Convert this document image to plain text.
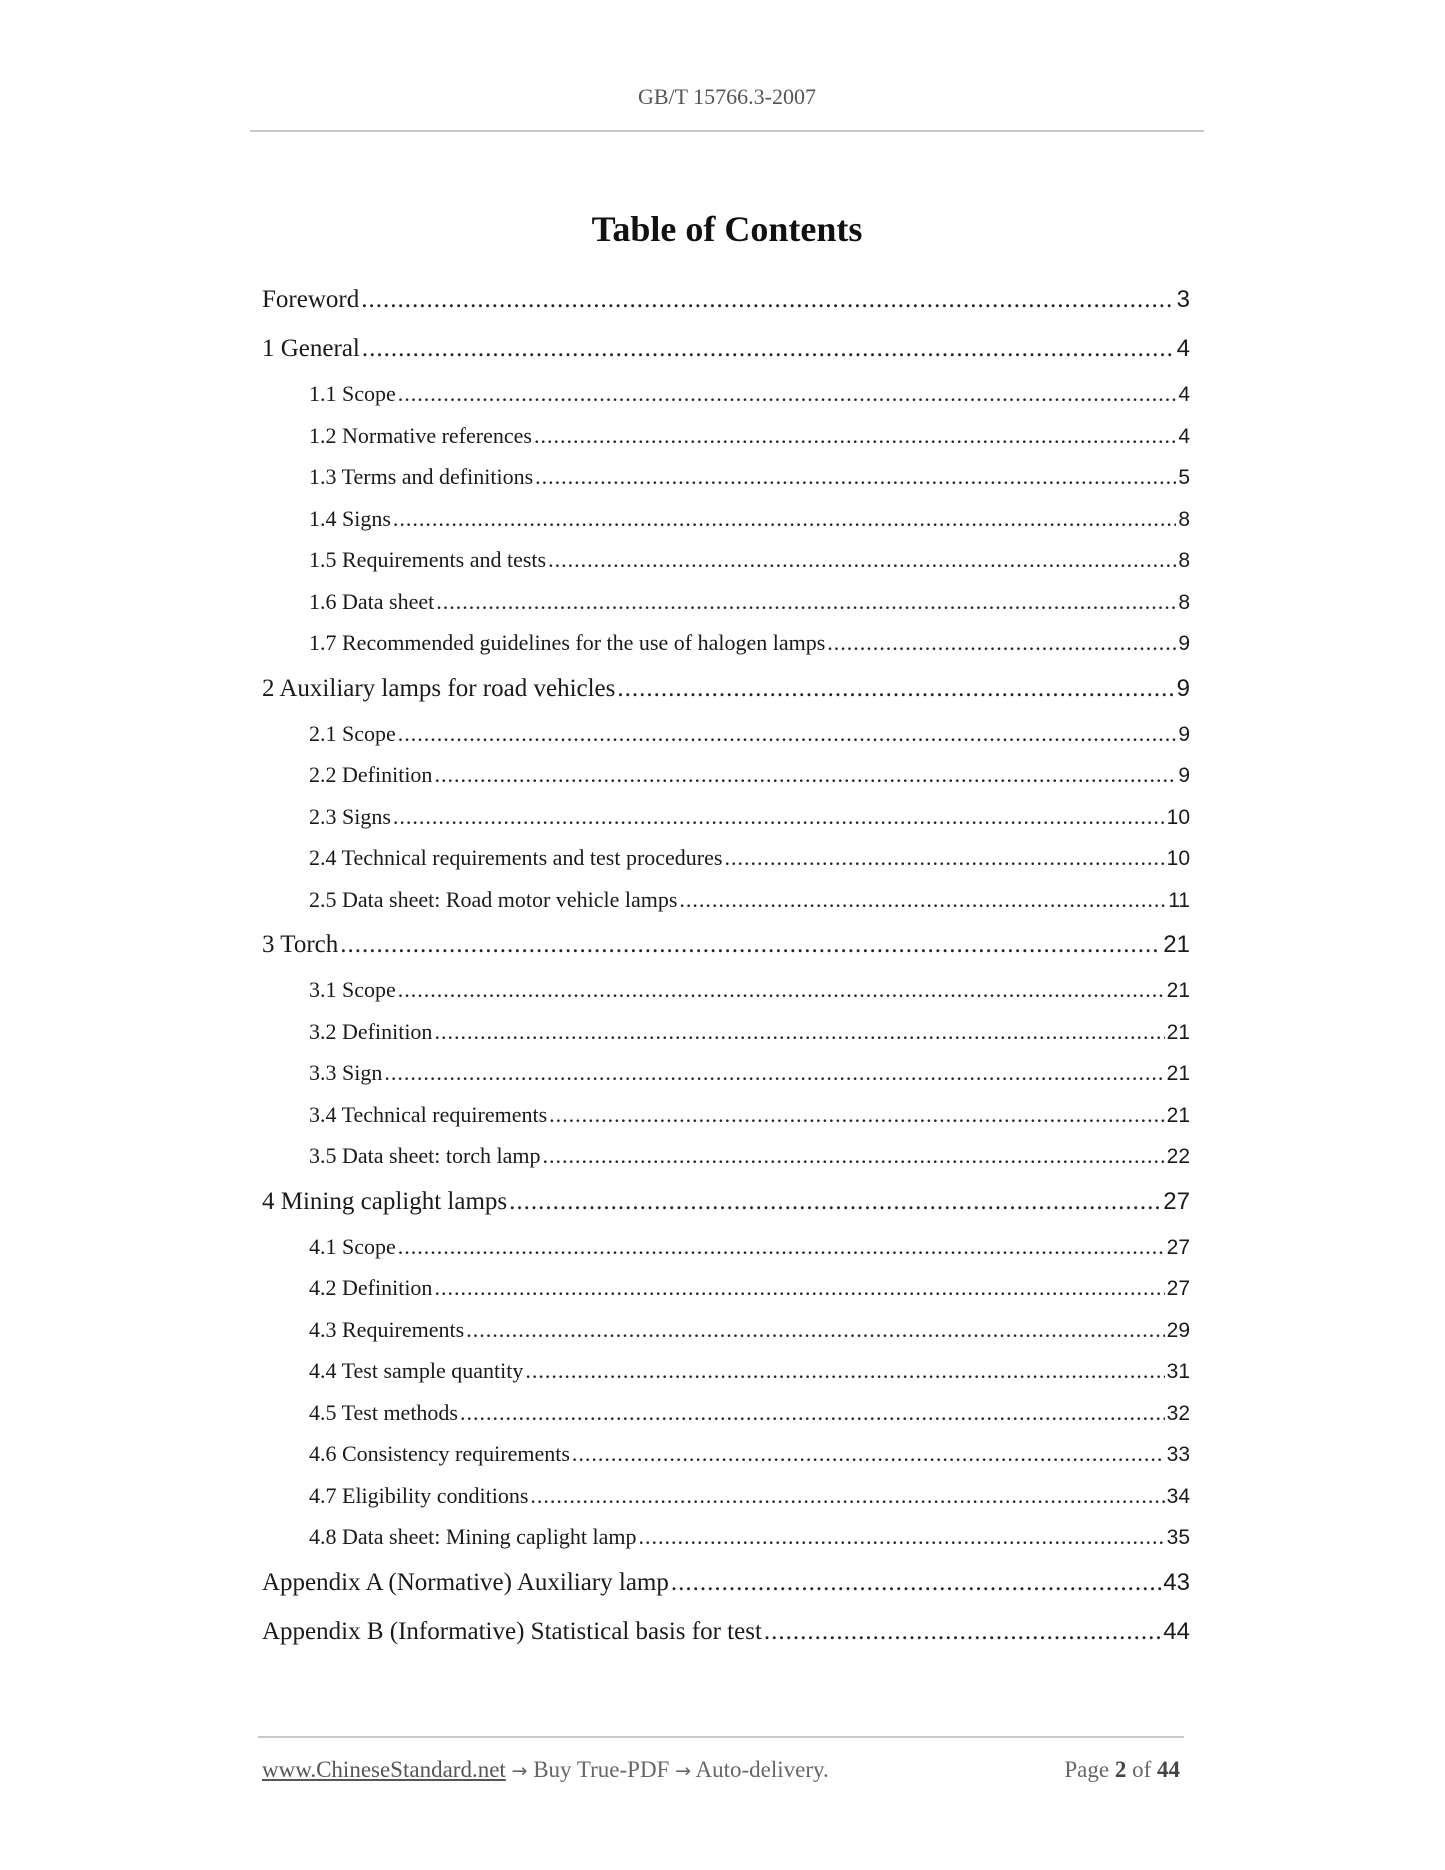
GB/T 15766.3-2007
Table of Contents
Foreword .....	3
1 General .....	4
1.1 Scope .....	4
1.2 Normative references .....	4
1.3 Terms and definitions .....	5
1.4 Signs .....	8
1.5 Requirements and tests .....	8
1.6 Data sheet .....	8
1.7 Recommended guidelines for the use of halogen lamps .....	9
2 Auxiliary lamps for road vehicles .....	9
2.1 Scope .....	9
2.2 Definition .....	9
2.3 Signs .....	10
2.4 Technical requirements and test procedures .....	10
2.5 Data sheet: Road motor vehicle lamps .....	11
3 Torch .....	21
3.1 Scope .....	21
3.2 Definition .....	21
3.3 Sign .....	21
3.4 Technical requirements .....	21
3.5 Data sheet: torch lamp .....	22
4 Mining caplight lamps .....	27
4.1 Scope .....	27
4.2 Definition .....	27
4.3 Requirements .....	29
4.4 Test sample quantity .....	31
4.5 Test methods .....	32
4.6 Consistency requirements .....	33
4.7 Eligibility conditions .....	34
4.8 Data sheet: Mining caplight lamp .....	35
Appendix A (Normative) Auxiliary lamp .....	43
Appendix B (Informative) Statistical basis for test .....	44
www.ChineseStandard.net → Buy True-PDF → Auto-delivery.	Page 2 of 44
